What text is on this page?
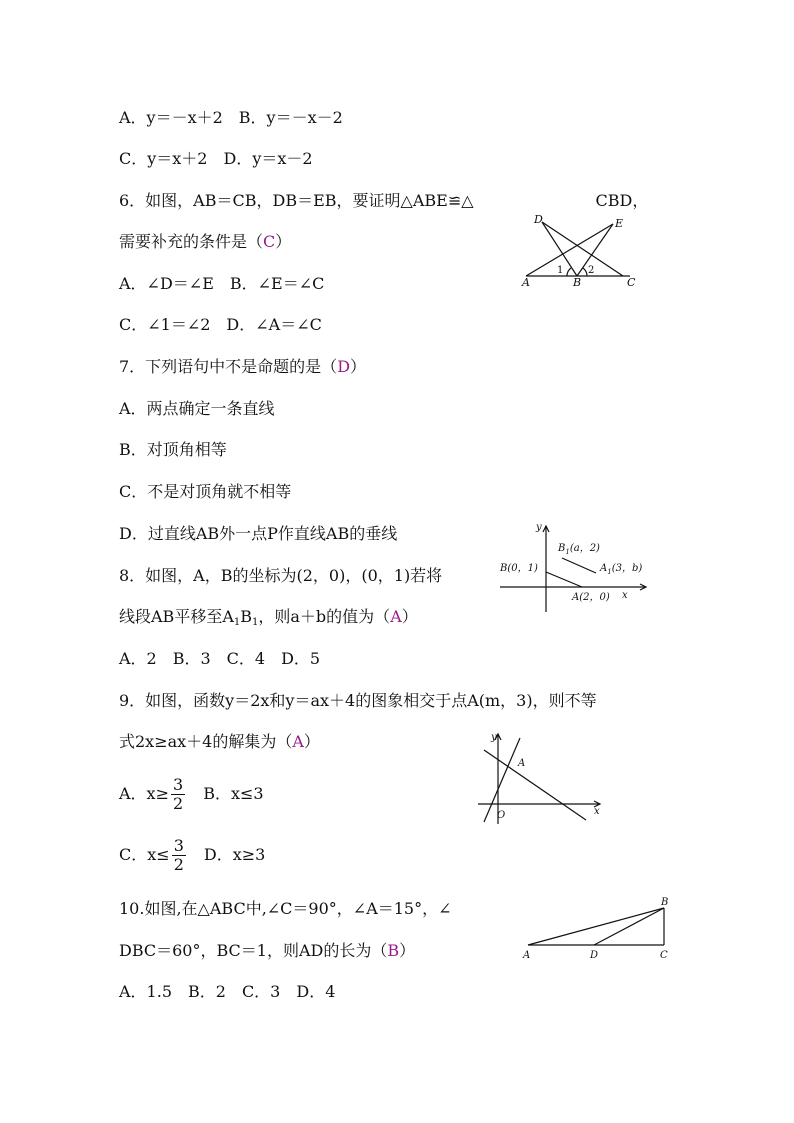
A．y＝－x＋2　B．y＝－x－2
C．y＝x＋2　D．y＝x－2
6．如图，AB＝CB，DB＝EB，要证明△ABE≌△	CBD，
需要补充的条件是（C）
A．∠D＝∠E　B．∠E＝∠C
C．∠1＝∠2　D．∠A＝∠C
D	E
A	B	C
1 2
7．下列语句中不是命题的是（D）
A．两点确定一条直线
B．对顶角相等
C．不是对顶角就不相等
D．过直线AB外一点P作直线AB的垂线
8．如图，A，B的坐标为(2，0)，(0，1)若将
线段AB平移至$A_1B_1$，则a＋b的值为（A）
A．2　B．3　C．4　D．5
y
x
B(0，1)
$B_1(a$，2)
$A_1(3$，b)
A(2，0)
9．如图，函数y＝2x和y＝ax＋4的图象相交于点A(m，3)，则不等
式2x≥ax＋4的解集为（A）
A．$x\ge \frac{3}{2}$ 　B．x≤3
C．$x\le \frac{3}{2}$ 　D．x≥3
y
x
A
O
10.如图,在△ABC中,∠C＝90°，∠A＝15°，∠
DBC＝60°，BC＝1，则AD的长为（B）
A．1.5　B．2　C．3　D．4
A
B
C
D
